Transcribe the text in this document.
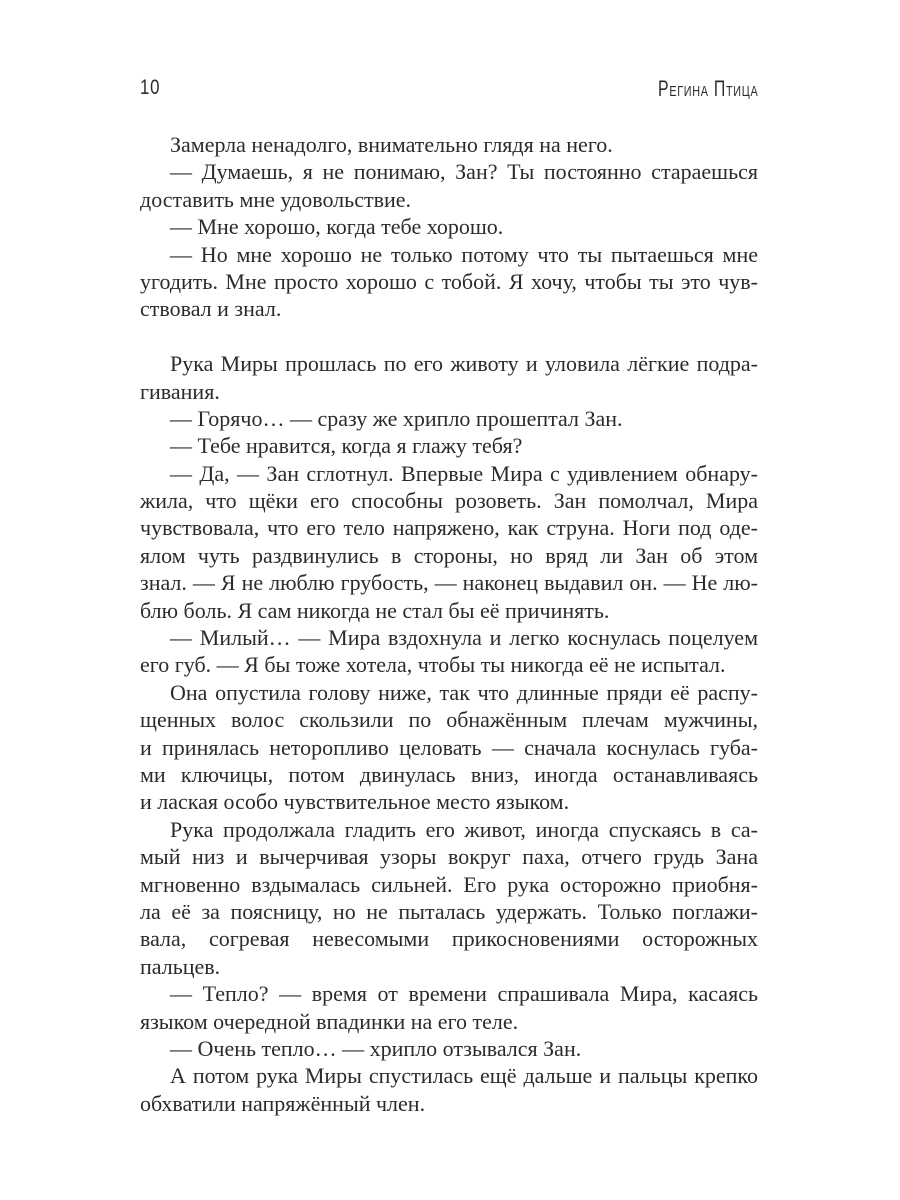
10	Регина Птица
Замерла ненадолго, внимательно глядя на него.
— Думаешь, я не понимаю, Зан? Ты постоянно стараешься
доставить мне удовольствие.
— Мне хорошо, когда тебе хорошо.
— Но мне хорошо не только потому что ты пытаешься мне
угодить. Мне просто хорошо с тобой. Я хочу, чтобы ты это чув-
ствовал и знал.
Рука Миры прошлась по его животу и уловила лёгкие подра-
гивания.
— Горячо… — сразу же хрипло прошептал Зан.
— Тебе нравится, когда я глажу тебя?
— Да, — Зан сглотнул. Впервые Мира с удивлением обнару-
жила, что щёки его способны розоветь. Зан помолчал, Мира
чувствовала, что его тело напряжено, как струна. Ноги под оде-
ялом чуть раздвинулись в стороны, но вряд ли Зан об этом
знал. — Я не люблю грубость, — наконец выдавил он. — Не лю-
блю боль. Я сам никогда не стал бы её причинять.
— Милый… — Мира вздохнула и легко коснулась поцелуем
его губ. — Я бы тоже хотела, чтобы ты никогда её не испытал.
Она опустила голову ниже, так что длинные пряди её распу-
щенных волос скользили по обнажённым плечам мужчины,
и принялась неторопливо целовать — сначала коснулась губа-
ми ключицы, потом двинулась вниз, иногда останавливаясь
и лаская особо чувствительное место языком.
Рука продолжала гладить его живот, иногда спускаясь в са-
мый низ и вычерчивая узоры вокруг паха, отчего грудь Зана
мгновенно вздымалась сильней. Его рука осторожно приобня-
ла её за поясницу, но не пыталась удержать. Только поглажи-
вала, согревая невесомыми прикосновениями осторожных
пальцев.
— Тепло? — время от времени спрашивала Мира, касаясь
языком очередной впадинки на его теле.
— Очень тепло… — хрипло отзывался Зан.
А потом рука Миры спустилась ещё дальше и пальцы крепко
обхватили напряжённый член.
